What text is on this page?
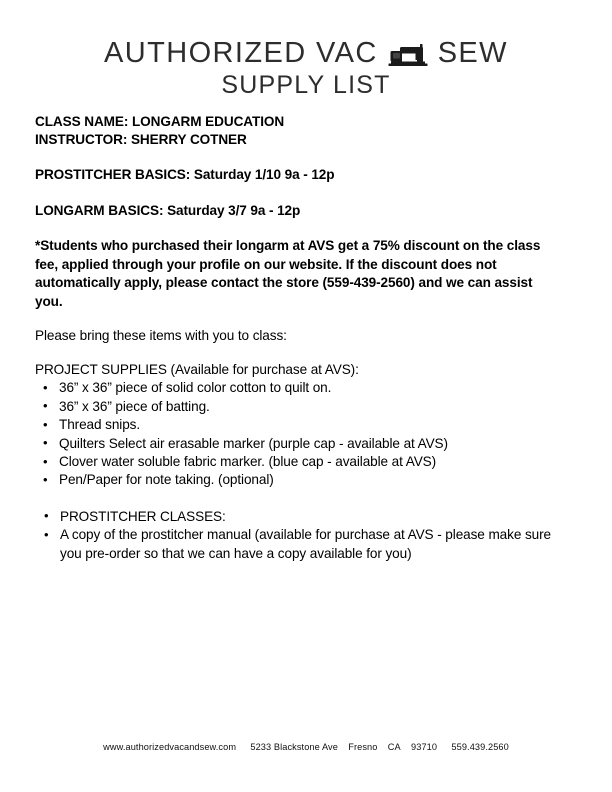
AUTHORIZED VAC SEW
SUPPLY LIST
CLASS NAME: LONGARM EDUCATION
INSTRUCTOR: SHERRY COTNER
PROSTITCHER BASICS: Saturday 1/10 9a - 12p
LONGARM BASICS: Saturday 3/7 9a - 12p
*Students who purchased their longarm at AVS get a 75% discount on the class fee, applied through your profile on our website. If the discount does not automatically apply, please contact the store (559-439-2560) and we can assist you.
Please bring these items with you to class:
PROJECT SUPPLIES (Available for purchase at AVS):
• 36” x 36” piece of solid color cotton to quilt on.
• 36” x 36” piece of batting.
• Thread snips.
• Quilters Select air erasable marker (purple cap - available at AVS)
• Clover water soluble fabric marker. (blue cap - available at AVS)
• Pen/Paper for note taking. (optional)
• PROSTITCHER CLASSES:
• A copy of the prostitcher manual (available for purchase at AVS - please make sure you pre-order so that we can have a copy available for you)
www.authorizedvacandsew.com 5233 Blackstone Ave Fresno CA 93710 559.439.2560
